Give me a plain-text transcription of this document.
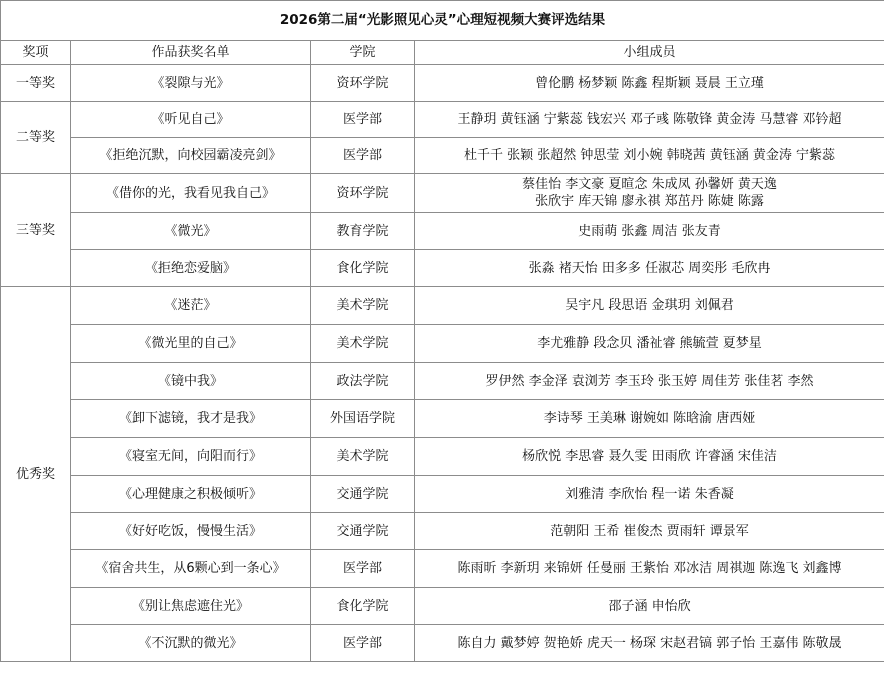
2026第二届“光影照见心灵”心理短视频大赛评选结果			
奖项	作品获奖名单	学院	小组成员
一等奖	《裂隙与光》	资环学院	曾伦鹏 杨梦颖 陈鑫 程斯颖 聂晨 王立瑾
二等奖	《听见自己》	医学部	王静玥 黄钰涵 宁紫蕊 钱宏兴 邓子彧 陈敬锋 黄金涛 马慧睿 邓钤超
	《拒绝沉默，向校园霸凌亮剑》	医学部	杜千千 张颖 张超然 钟思莹 刘小婉 韩晓茜 黄钰涵 黄金涛 宁紫蕊
三等奖	《借你的光，我看见我自己》	资环学院	蔡佳怡 李文豪 夏暄念 朱成凤 孙馨妍 黄天逸
张欣宇 库天锦 廖永祺 郑茁丹 陈婕 陈露
	《微光》	教育学院	史雨萌 张鑫 周洁 张友青
	《拒绝恋爱脑》	食化学院	张淼 褚天怡 田多多 任淑芯 周奕彤 毛欣冉
优秀奖	《迷茫》	美术学院	吴宇凡 段思语 金琪玥 刘佩君
	《微光里的自己》	美术学院	李尤雅静 段念贝 潘祉睿 熊毓萱 夏梦星
	《镜中我》	政法学院	罗伊然 李金泽 袁浏芳 李玉玲 张玉婷 周佳芳 张佳茗 李然
	《卸下滤镜，我才是我》	外国语学院	李诗琴 王美琳 谢婉如 陈晗渝 唐西娅
	《寝室无间，向阳而行》	美术学院	杨欣悦 李思睿 聂久雯 田雨欣 许睿涵 宋佳洁
	《心理健康之积极倾听》	交通学院	刘雅清 李欣怡 程一诺 朱香凝
	《好好吃饭，慢慢生活》	交通学院	范朝阳 王希 崔俊杰 贾雨轩 谭景军
	《宿舍共生，从6颗心到一条心》	医学部	陈雨昕 李新玥 来锦妍 任曼丽 王紫怡 邓冰洁 周祺迦 陈逸飞 刘鑫博
	《别让焦虑遮住光》	食化学院	邵子涵 申怡欣
	《不沉默的微光》	医学部	陈自力 戴梦婷 贺艳娇 虎天一 杨琛 宋赵君镐 郭子怡 王嘉伟 陈敬晟
